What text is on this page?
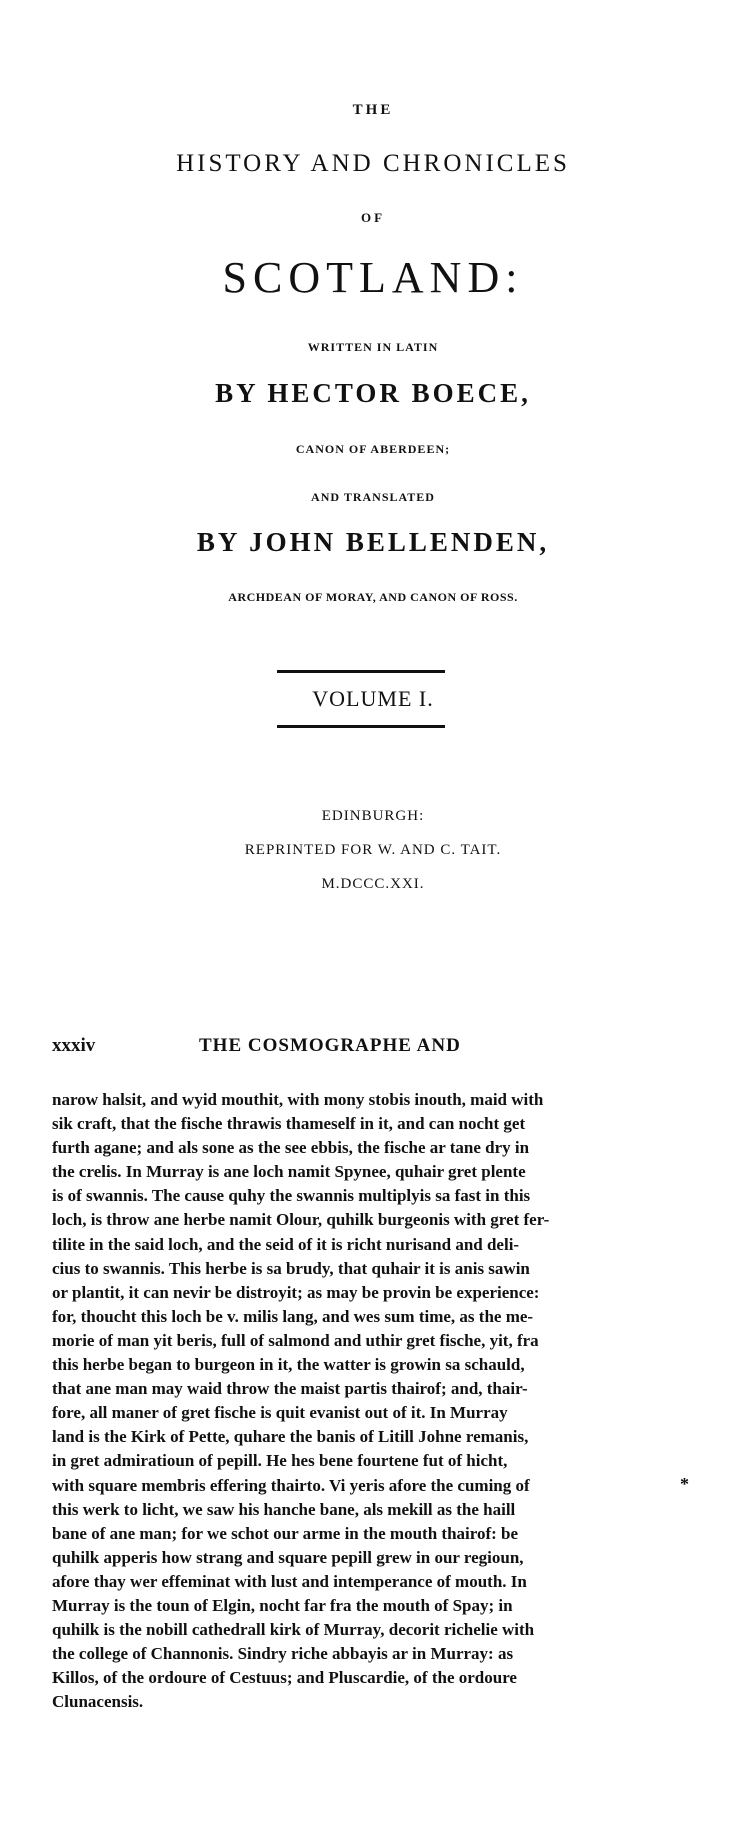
THE
HISTORY AND CHRONICLES
OF
SCOTLAND:
WRITTEN IN LATIN
BY HECTOR BOECE,
CANON OF ABERDEEN;
AND TRANSLATED
BY JOHN BELLENDEN,
ARCHDEAN OF MORAY, AND CANON OF ROSS.
VOLUME I.
EDINBURGH:
REPRINTED FOR W. AND C. TAIT.
M.DCCC.XXI.
xxxiv	THE COSMOGRAPHE AND
narow halsit, and wyid mouthit, with mony stobis inouth, maid with
sik craft, that the fische thrawis thameself in it, and can nocht get
furth agane; and als sone as the see ebbis, the fische ar tane dry in
the crelis. In Murray is ane loch namit Spynee, quhair gret plente
is of swannis. The cause quhy the swannis multiplyis sa fast in this
loch, is throw ane herbe namit Olour, quhilk burgeonis with gret fer-
tilite in the said loch, and the seid of it is richt nurisand and deli-
cius to swannis. This herbe is sa brudy, that quhair it is anis sawin
or plantit, it can nevir be distroyit; as may be provin be experience:
for, thoucht this loch be v. milis lang, and wes sum time, as the me-
morie of man yit beris, full of salmond and uthir gret fische, yit, fra
this herbe began to burgeon in it, the watter is growin sa schauld,
that ane man may waid throw the maist partis thairof; and, thair-
fore, all maner of gret fische is quit evanist out of it. In Murray
land is the Kirk of Pette, quhare the banis of Litill Johne remanis,
in gret admiratioun of pepill. He hes bene fourtene fut of hicht,
with square membris effering thairto. Vi yeris afore the cuming of
this werk to licht, we saw his hanche bane, als mekill as the haill
bane of ane man; for we schot our arme in the mouth thairof: be
quhilk apperis how strang and square pepill grew in our regioun,
afore thay wer effeminat with lust and intemperance of mouth. In
Murray is the toun of Elgin, nocht far fra the mouth of Spay; in
quhilk is the nobill cathedrall kirk of Murray, decorit richelie with
the college of Channonis. Sindry riche abbayis ar in Murray: as
Killos, of the ordoure of Cestuus; and Pluscardie, of the ordoure
Clunacensis.
*
